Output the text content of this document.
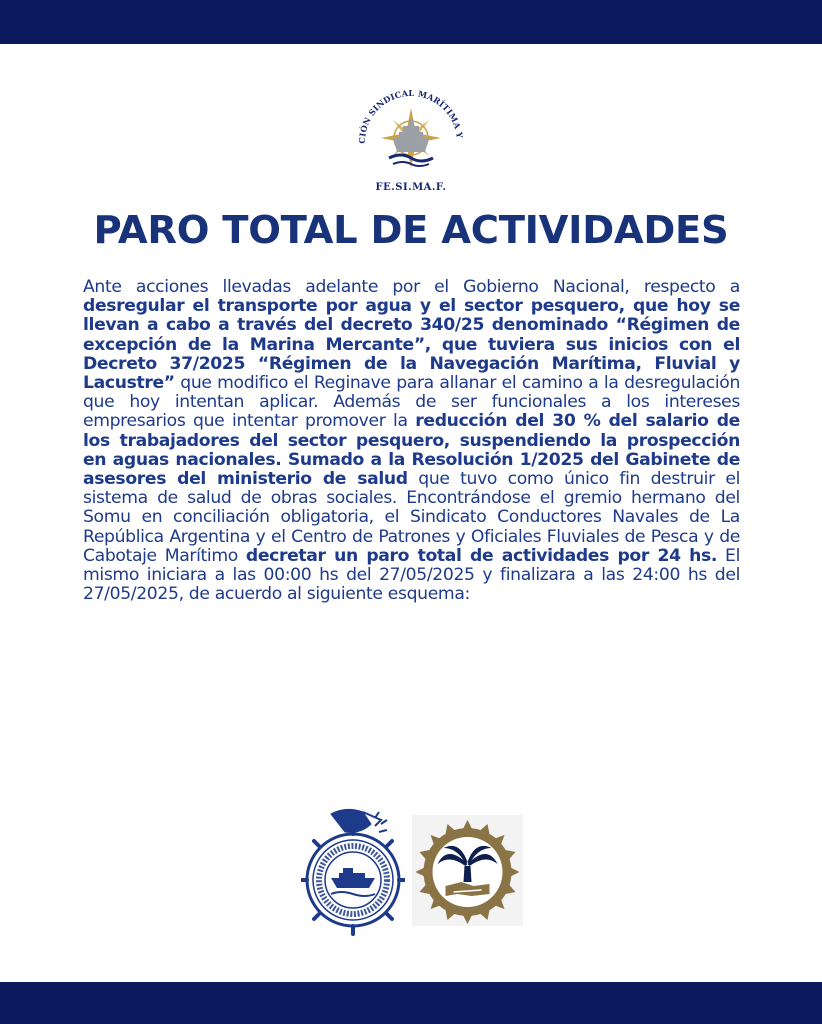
CIÓN SINDICAL MARÍTIMA Y
FE.SI.MA.F.
PARO TOTAL DE ACTIVIDADES

Ante acciones llevadas adelante por el Gobierno Nacional, respecto a desregular el transporte por agua y el sector pesquero, que hoy se llevan a cabo a través del decreto 340/25 denominado “Régimen de excepción de la Marina Mercante”, que tuviera sus inicios con el Decreto 37/2025 “Régimen de la Navegación Marítima, Fluvial y Lacustre” que modifico el Reginave para allanar el camino a la desregulación que hoy intentan aplicar. Además de ser funcionales a los intereses empresarios que intentar promover la reducción del 30 % del salario de los trabajadores del sector pesquero, suspendiendo la prospección en aguas nacionales. Sumado a la Resolución 1/2025 del Gabinete de asesores del ministerio de salud que tuvo como único fin destruir el sistema de salud de obras sociales. Encontrándose el gremio hermano del Somu en conciliación obligatoria, el Sindicato Conductores Navales de La República Argentina y el Centro de Patrones y Oficiales Fluviales de Pesca y de Cabotaje Marítimo decretar un paro total de actividades por 24 hs. El mismo iniciara a las 00:00 hs del 27/05/2025 y finalizara a las 24:00 hs del 27/05/2025, de acuerdo al siguiente esquema:
